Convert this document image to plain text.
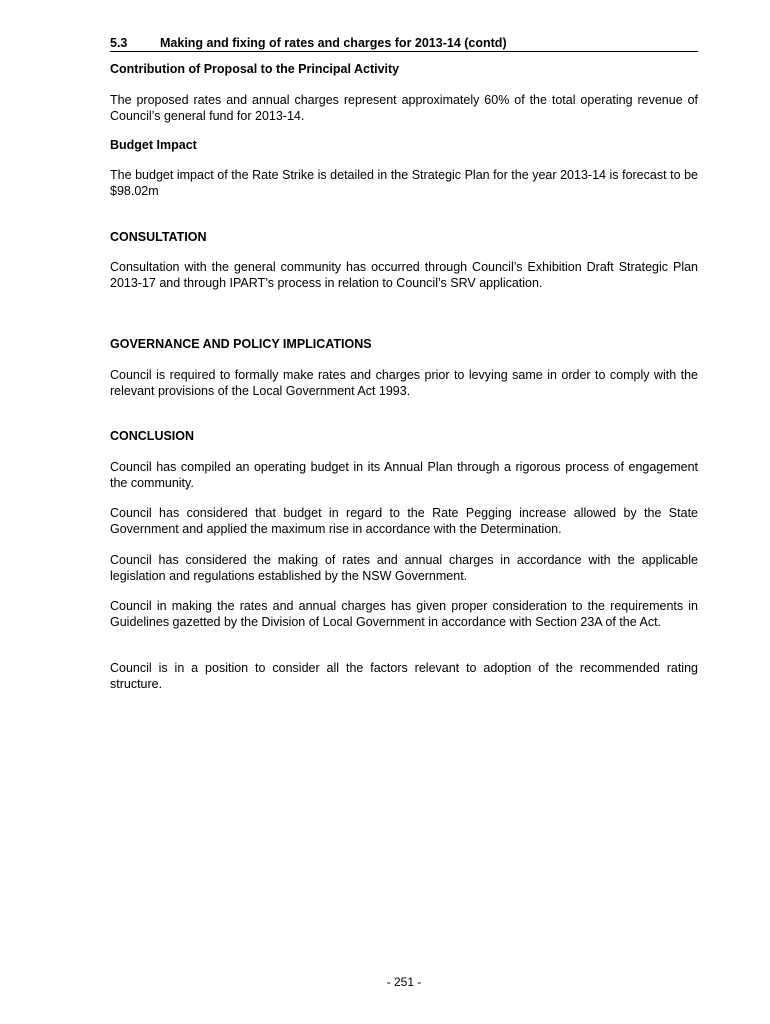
5.3	Making and fixing of rates and charges for 2013-14 (contd)

Contribution of Proposal to the Principal Activity

The proposed rates and annual charges represent approximately 60% of the total operating revenue of Council’s general fund for 2013-14.

Budget Impact

The budget impact of the Rate Strike is detailed in the Strategic Plan for the year 2013-14 is forecast to be $98.02m

CONSULTATION

Consultation with the general community has occurred through Council’s Exhibition Draft Strategic Plan 2013-17 and through IPART’s process in relation to Council’s SRV application.

GOVERNANCE AND POLICY IMPLICATIONS

Council is required to formally make rates and charges prior to levying same in order to comply with the relevant provisions of the Local Government Act 1993.

CONCLUSION

Council has compiled an operating budget in its Annual Plan through a rigorous process of engagement the community.

Council has considered that budget in regard to the Rate Pegging increase allowed by the State Government and applied the maximum rise in accordance with the Determination.

Council has considered the making of rates and annual charges in accordance with the applicable legislation and regulations established by the NSW Government.

Council in making the rates and annual charges has given proper consideration to the requirements in Guidelines gazetted by the Division of Local Government in accordance with Section 23A of the Act.

Council is in a position to consider all the factors relevant to adoption of the recommended rating structure.

- 251 -
